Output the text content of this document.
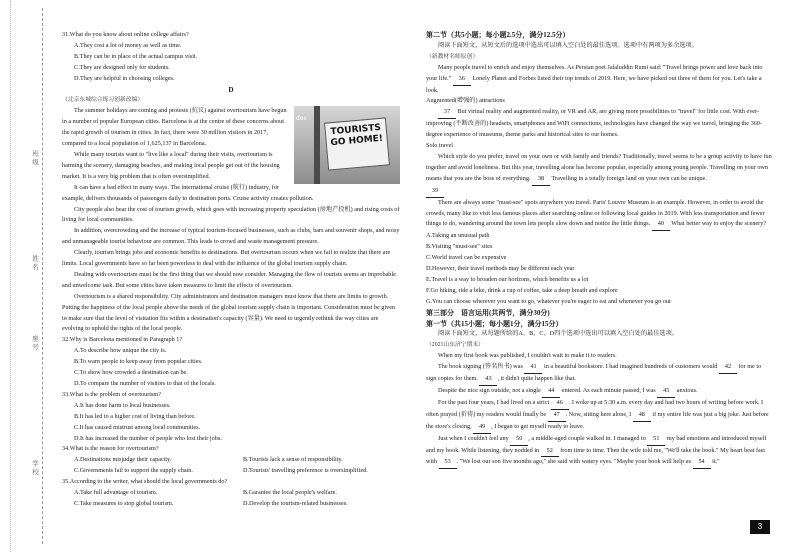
班级
姓名
座号
学校

31.What do you know about online college affairs?

A.They cost a lot of money as well as time.

B.They can be in place of the actual campus visit.

C.They are designed only for students.

D.They are helpful in choosing colleges.

D

（北京东城综合练习创新改编）

dos
TOURISTS GO HOME!

The summer holidays are coming and protests (抗议) against overtourism have begun in a number of popular European cities. Barcelona is at the centre of these concerns about the rapid growth of tourism in cities. In fact, there were 30 million visitors in 2017, compared to a local population of 1,625,137 in Barcelona.

While many tourists want to "live like a local" during their visits, overtourism is harming the scenery, damaging beaches, and making local people get out of the housing market. It is a very big problem that is often oversimplified.

It can have a bad effect in many ways. The international cruise (航行) industry, for example, delivers thousands of passengers daily to destination ports. Cruise activity creates pollution.

City people also bear the cost of tourism growth, which goes with increasing property speculation (房地产投机) and rising costs of living for local communities.

In addition, overcrowding and the increase of typical tourism-focused businesses, such as clubs, bars and souvenir shops, and noisy and unmanageable tourist behaviour are common. This leads to crowd and waste management pressure.

Clearly, tourism brings jobs and economic benefits to destinations. But overtourism occurs when we fail to realize that there are limits. Local governments have so far been powerless to deal with the influence of the global tourism supply chain.

Dealing with overtourism must be the first thing that we should now consider. Managing the flow of tourists seems an improbable and unwelcome task. But some cities have taken measures to limit the effects of overtourism.

Overtourism is a shared responsibility. City administrators and destination managers must know that there are limits to growth. Putting the happiness of the local people above the needs of the global tourism supply chain is important. Consideration must be given to make sure that the level of visitation fits within a destination's capacity (容量). We need to urgently rethink the way cities are evolving to uphold the rights of the local people.

32.Why is Barcelona mentioned in Paragraph 1?

A.To describe how unique the city is.

B.To warn people to keep away from popular cities.

C.To show how crowded a destination can be.

D.To compare the number of visitors to that of the locals.

33.What is the problem of overtourism?

A.It has done harm to local businesses.

B.It has led to a higher cost of living than before.

C.It has caused mistrust among local communities.

D.It has increased the number of people who lost their jobs.

34.What is the reason for overtourism?

A.Destinations misjudge their capacity.	B.Tourists lack a sense of responsibility.
C.Governments fail to support the supply chain.	D.Tourists' travelling preference is oversimplified.

35.According to the writer, what should the local governments do?

A.Take full advantage of tourism.	B.Garantee the local people's welfare.
C.Take measures to stop global tourism.	D.Develop the tourism-related businesses.

第二节（共5小题；每小题2.5分，满分12.5分）

阅读下面短文，从短文后的选项中选出可以填入空白处的最佳选项。选项中有两项为多余选项。

（新教材名师原创）

Many people travel to enrich and enjoy themselves. As Persian poet Jalaluddin Rumi said: "Travel brings power and love back into your life." 36 Lonely Planet and Forbes listed their top trends of 2019. Here, we have picked out three of them for you. Let's take a look.

Augmented(增强的) attractions

37 But virtual reality and augmented reality, or VR and AR, are giving more possibilities to "travel" for little cost. With ever-improving (不断改善的) headsets, smartphones and WiFi connections, technologies have changed the way we travel, bringing the 360-degree experience of museums, theme parks and historical sites to our homes.

Solo travel

Which style do you prefer, travel on your own or with family and friends? Traditionally, travel seems to be a group activity to have fun together and avoid loneliness. But this year, travelling alone has become popular, especially among young people. Travelling on your own means that you are the boss of everything. 38 Travelling in a totally foreign land on your own can be unique.

39

There are always some "must-see" spots anywhere you travel. Paris' Louvre Museum is an example. However, in order to avoid the crowds, many like to visit less famous places after searching online or following local guides in 2019. With less transportation and fewer things to do, wandering around the town lets people slow down and notice the little things. 40 What better way to enjoy the scenery?

A.Taking an unusual path

B.Visiting "must-see" sites

C.World travel can be expensive

D.However, their travel methods may be different each year

E.Travel is a way to broaden our horizons, which benefits us a lot

F.Go hiking, ride a bike, drink a cup of coffee, take a deep breath and explore

G.You can choose wherever you want to go, whatever you're eager to eat and whenever you go out

第三部分　语言运用(共两节，满分30分)

第一节（共15小题；每小题1分，满分15分）

阅读下面短文，从每题所给的A、B、C、D四个选项中选出可以填入空白处的最佳选项。

（2021山东济宁期末）

When my first book was published, I couldn't wait to make it to readers.

The book signing (签名售书) was 41 in a beautiful bookstore. I had imagined hundreds of customers would 42 for me to sign copies for them. 43 , it didn't quite happen like that.

Despite the nice sign outside, not a single 44 entered. As each minute passed, I was 45 anxious.

For the past four years, I had lived on a strict 46 . I woke up at 5:30 a.m. every day and had two hours of writing before work. I often prayed (祈祷) my readers would finally be 47 . Now, sitting here alone, I 48 if my entire life was just a big joke. Just before the store's closing, 49 , I began to get myself ready to leave.

Just when I couldn't feel any 50 , a middle-aged couple walked in. I managed to 51 my bad emotions and introduced myself and my book. While listening, they nodded in 52 from time to time. Then the wife told me, "We'll take the book." My heart beat fast with 53 . "We lost our son five months ago," she said with watery eyes. "Maybe your book will help us 54 it."

3
